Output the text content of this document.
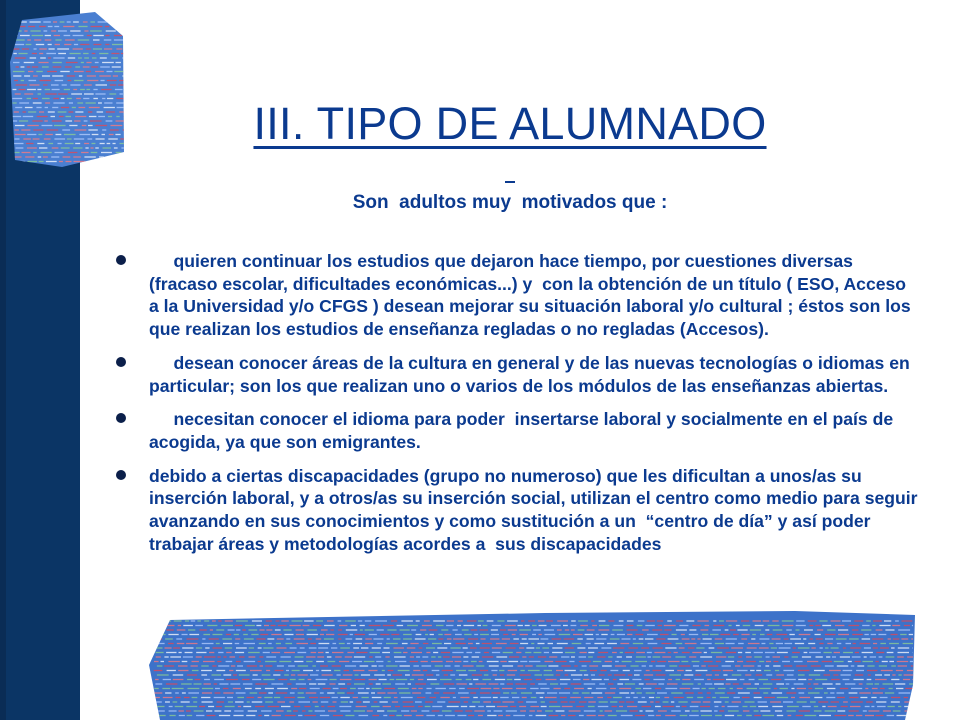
III. TIPO DE ALUMNADO
Son  adultos muy  motivados que :
quieren continuar los estudios que dejaron hace tiempo, por cuestiones diversas (fracaso escolar, dificultades económicas...) y  con la obtención de un título ( ESO, Acceso a la Universidad y/o CFGS ) desean mejorar su situación laboral y/o cultural ; éstos son los que realizan los estudios de enseñanza regladas o no regladas (Accesos).
desean conocer áreas de la cultura en general y de las nuevas tecnologías o idiomas en particular; son los que realizan uno o varios de los módulos de las enseñanzas abiertas.
necesitan conocer el idioma para poder  insertarse laboral y socialmente en el país de acogida, ya que son emigrantes.
debido a ciertas discapacidades (grupo no numeroso) que les dificultan a unos/as su inserción laboral, y a otros/as su inserción social, utilizan el centro como medio para seguir avanzando en sus conocimientos y como sustitución a un  “centro de día” y así poder  trabajar áreas y metodologías acordes a  sus discapacidades
